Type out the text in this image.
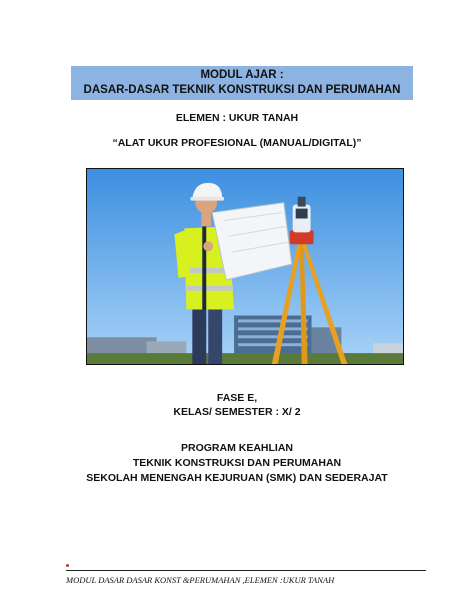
MODUL AJAR :
DASAR-DASAR TEKNIK KONSTRUKSI DAN PERUMAHAN
ELEMEN : UKUR TANAH
“ALAT UKUR PROFESIONAL (MANUAL/DIGITAL)”
FASE E,
KELAS/ SEMESTER : X/ 2
PROGRAM KEAHLIAN
TEKNIK KONSTRUKSI DAN PERUMAHAN
SEKOLAH MENENGAH KEJURUAN (SMK) DAN SEDERAJAT
MODUL DASAR DASAR KONST &PERUMAHAN ,ELEMEN :UKUR TANAH
